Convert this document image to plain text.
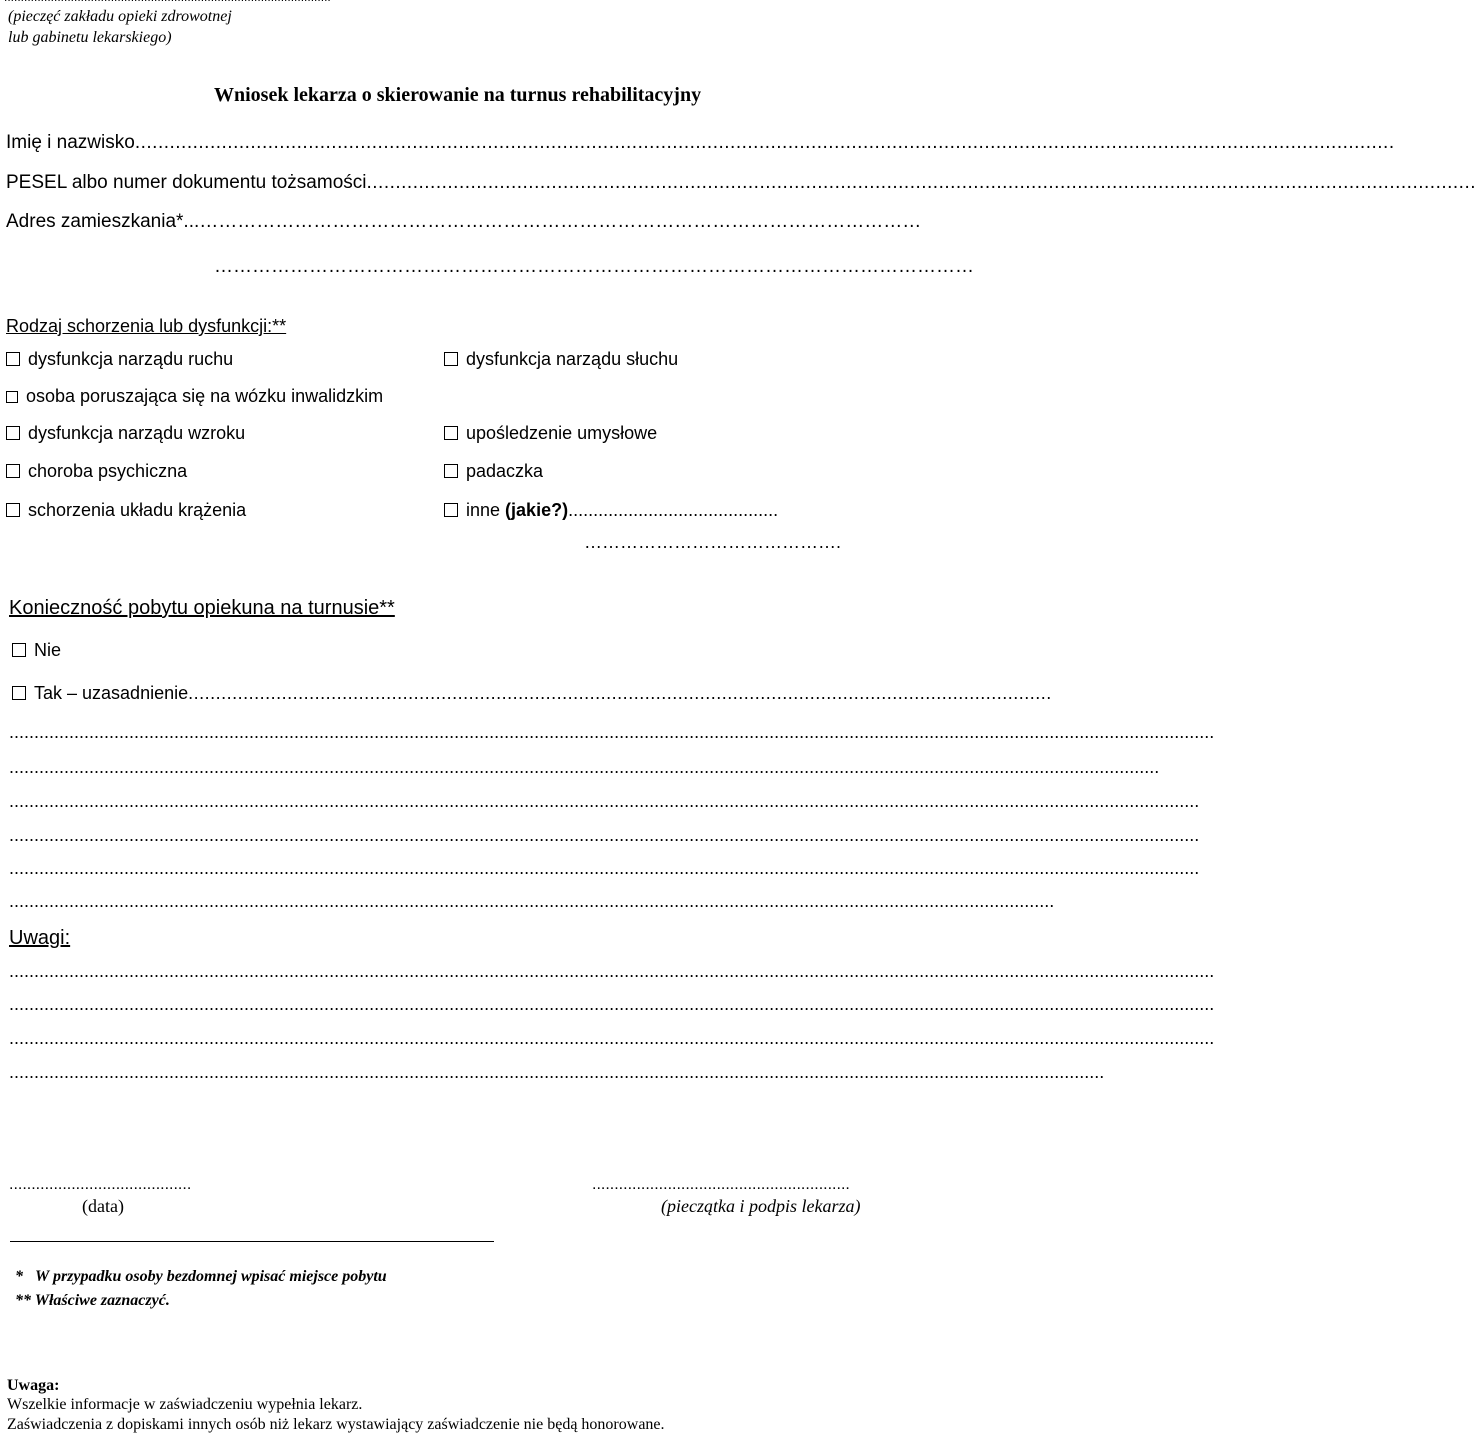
(pieczęć zakładu opieki zdrowotnej
lub gabinetu lekarskiego)
Wniosek lekarza o skierowanie na turnus rehabilitacyjny
Imię i nazwisko..........................................................................................................................................................................................................................
PESEL albo numer dokumentu tożsamości................................................................................................................................................................................................
Adres zamieszkania*...……………………………………………………………………………………………………
…………………………………………………………………………………………………………
Rodzaj schorzenia lub dysfunkcji:**
dysfunkcja narządu ruchu
osoba poruszająca się na wózku inwalidzkim
dysfunkcja narządu wzroku
choroba psychiczna
schorzenia układu krążenia
dysfunkcja narządu słuchu
upośledzenie umysłowe
padaczka
inne (jakie?)..........................................
…………………………………….
Konieczność pobytu opiekuna na turnusie**
Nie
Tak – uzasadnienie.............................................................................................................................................................
.................................................................................................................................................................................................................................................
......................................................................................................................................................................................................................................
..............................................................................................................................................................................................................................................
..............................................................................................................................................................................................................................................
..............................................................................................................................................................................................................................................
.................................................................................................................................................................................................................
Uwagi:
.................................................................................................................................................................................................................................................
.................................................................................................................................................................................................................................................
.................................................................................................................................................................................................................................................
...........................................................................................................................................................................................................................
.........................................
(data)
..........................................................
(pieczątka i podpis lekarza)
* W przypadku osoby bezdomnej wpisać miejsce pobytu
** Właściwe zaznaczyć.
Uwaga:
Wszelkie informacje w zaświadczeniu wypełnia lekarz.
Zaświadczenia z dopiskami innych osób niż lekarz wystawiający zaświadczenie nie będą honorowane.
